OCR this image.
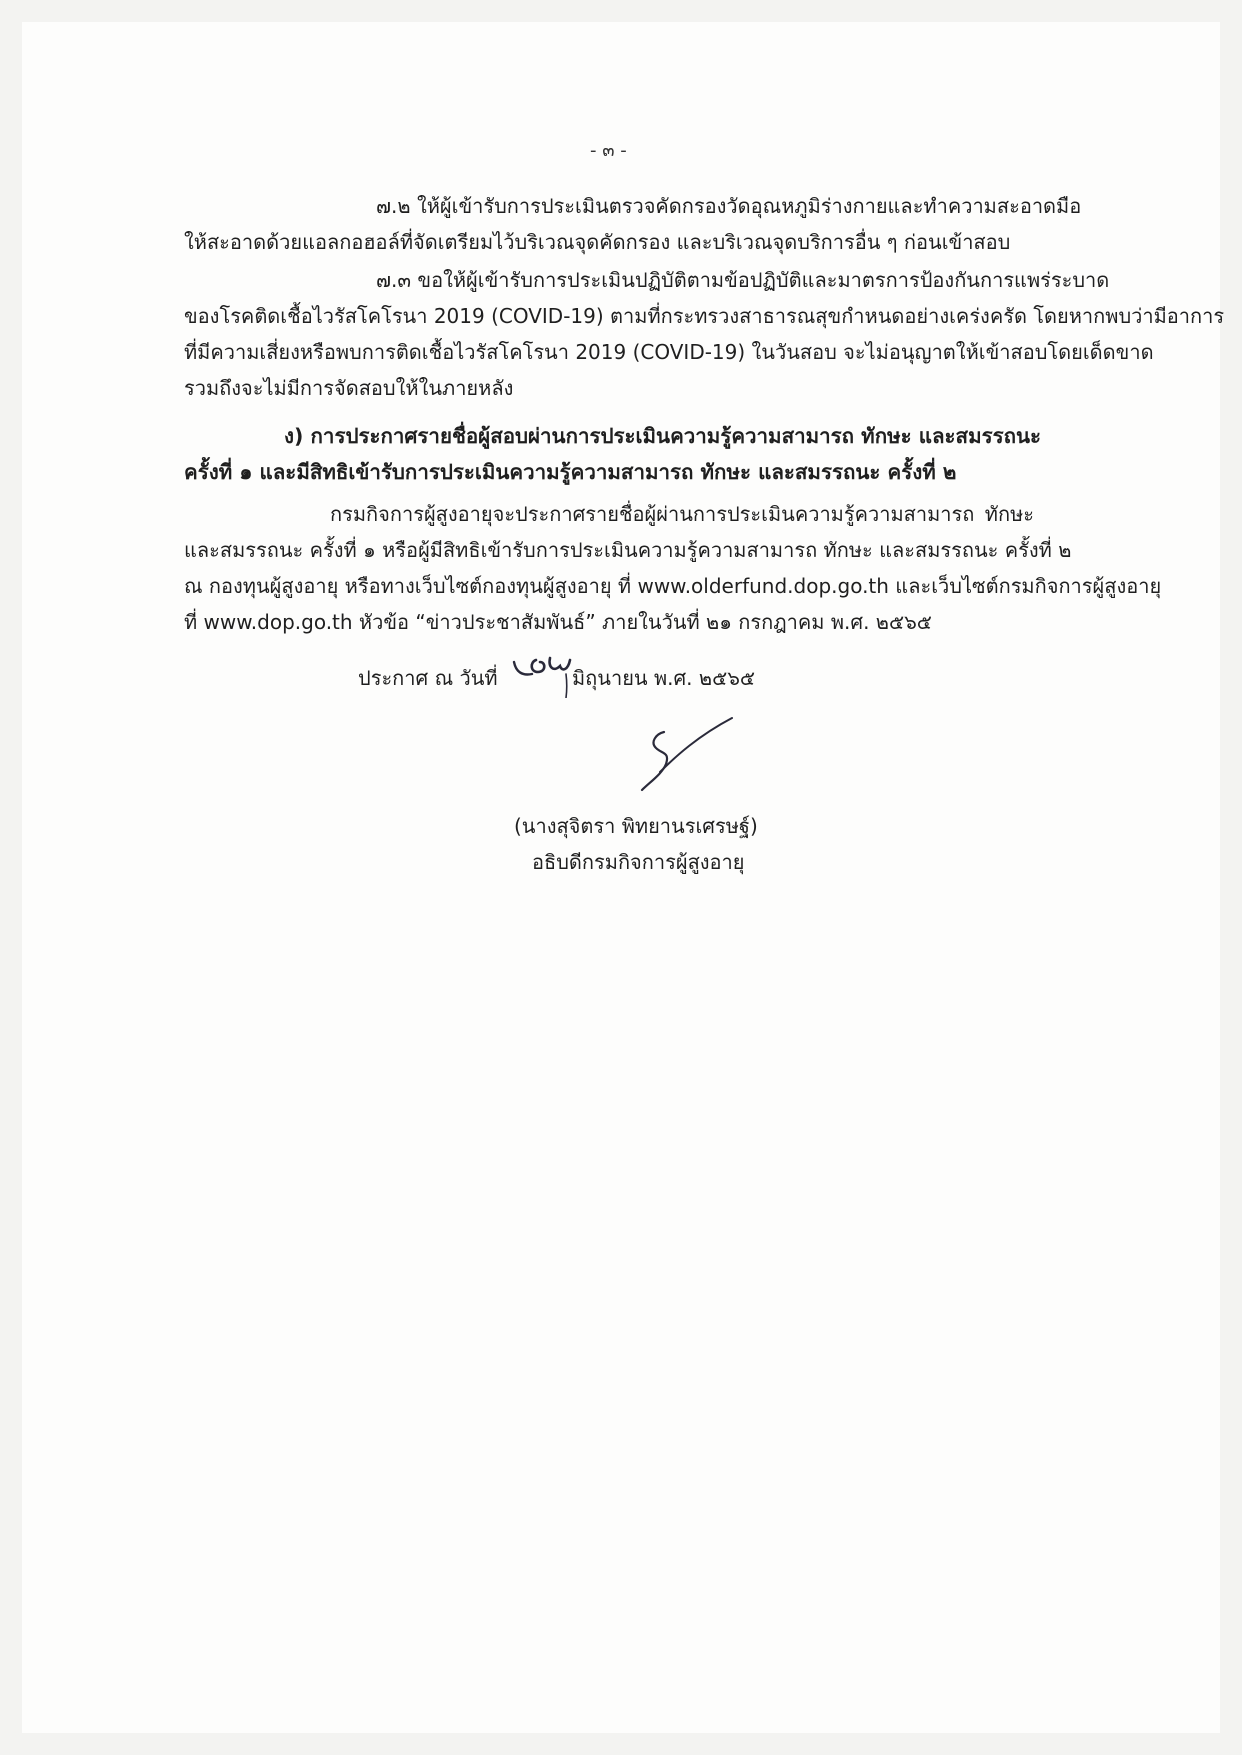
- ๓ -
๗.๒ ให้ผู้เข้ารับการประเมินตรวจคัดกรองวัดอุณหภูมิร่างกายและทำความสะอาดมือ
ให้สะอาดด้วยแอลกอฮอล์ที่จัดเตรียมไว้บริเวณจุดคัดกรอง และบริเวณจุดบริการอื่น ๆ ก่อนเข้าสอบ
๗.๓ ขอให้ผู้เข้ารับการประเมินปฏิบัติตามข้อปฏิบัติและมาตรการป้องกันการแพร่ระบาด
ของโรคติดเชื้อไวรัสโคโรนา 2019 (COVID-19) ตามที่กระทรวงสาธารณสุขกำหนดอย่างเคร่งครัด โดยหากพบว่ามีอาการ
ที่มีความเสี่ยงหรือพบการติดเชื้อไวรัสโคโรนา 2019 (COVID-19) ในวันสอบ จะไม่อนุญาตให้เข้าสอบโดยเด็ดขาด
รวมถึงจะไม่มีการจัดสอบให้ในภายหลัง
ง) การประกาศรายชื่อผู้สอบผ่านการประเมินความรู้ความสามารถ ทักษะ และสมรรถนะ
ครั้งที่ ๑ และมีสิทธิเข้ารับการประเมินความรู้ความสามารถ ทักษะ และสมรรถนะ ครั้งที่ ๒
กรมกิจการผู้สูงอายุจะประกาศรายชื่อผู้ผ่านการประเมินความรู้ความสามารถ ทักษะ
และสมรรถนะ ครั้งที่ ๑ หรือผู้มีสิทธิเข้ารับการประเมินความรู้ความสามารถ ทักษะ และสมรรถนะ ครั้งที่ ๒
ณ กองทุนผู้สูงอายุ หรือทางเว็บไซต์กองทุนผู้สูงอายุ ที่ www.olderfund.dop.go.th และเว็บไซต์กรมกิจการผู้สูงอายุ
ที่ www.dop.go.th หัวข้อ “ข่าวประชาสัมพันธ์” ภายในวันที่ ๒๑ กรกฎาคม พ.ศ. ๒๕๖๕
ประกาศ ณ วันที่	มิถุนายน พ.ศ. ๒๕๖๕
(นางสุจิตรา พิทยานรเศรษฐ์)
อธิบดีกรมกิจการผู้สูงอายุ
